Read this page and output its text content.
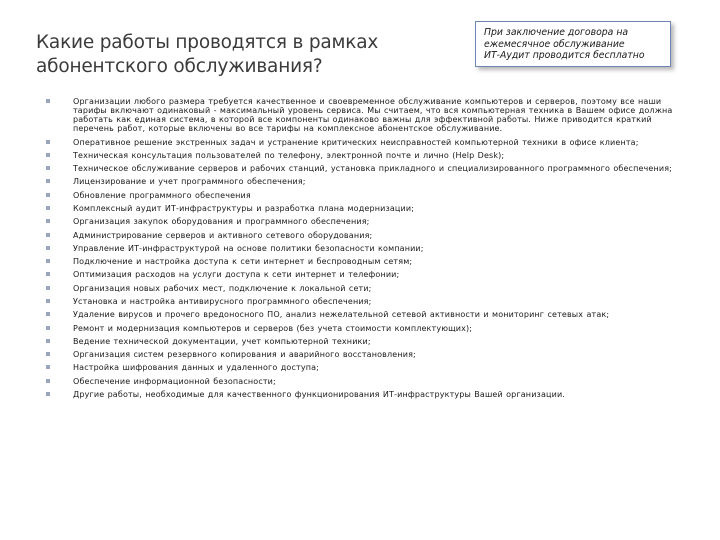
Какие работы проводятся в рамках
абонентского обслуживания?
При заключение договора на
ежемесячное обслуживание
ИТ-Аудит проводится бесплатно
Организации любого размера требуется качественное и своевременное обслуживание компьютеров и серверов, поэтому все наши тарифы включают одинаковый - максимальный уровень сервиса. Мы считаем, что вся компьютерная техника в Вашем офисе должна работать как единая система, в которой все компоненты одинаково важны для эффективной работы. Ниже приводится краткий перечень работ, которые включены во все тарифы на комплексное абонентское обслуживание.
Оперативное решение экстренных задач и устранение критических неисправностей компьютерной техники в офисе клиента;
Техническая консультация пользователей по телефону, электронной почте и лично (Help Desk);
Техническое обслуживание серверов и рабочих станций, установка прикладного и специализированного программного обеспечения;
Лицензирование и учет программного обеспечения;
Обновление программного обеспечения
Комплексный аудит ИТ-инфраструктуры и разработка плана модернизации;
Организация закупок оборудования и программного обеспечения;
Администрирование серверов и активного сетевого оборудования;
Управление ИТ-инфраструктурой на основе политики безопасности компании;
Подключение и настройка доступа к сети интернет и беспроводным сетям;
Оптимизация расходов на услуги доступа к сети интернет и телефонии;
Организация новых рабочих мест, подключение к локальной сети;
Установка и настройка антивирусного программного обеспечения;
Удаление вирусов и прочего вредоносного ПО, анализ нежелательной сетевой активности и мониторинг сетевых атак;
Ремонт и модернизация компьютеров и серверов (без учета стоимости комплектующих);
Ведение технической документации, учет компьютерной техники;
Организация систем резервного копирования и аварийного восстановления;
Настройка шифрования данных и удаленного доступа;
Обеспечение информационной безопасности;
Другие работы, необходимые для качественного функционирования ИТ-инфраструктуры Вашей организации.
